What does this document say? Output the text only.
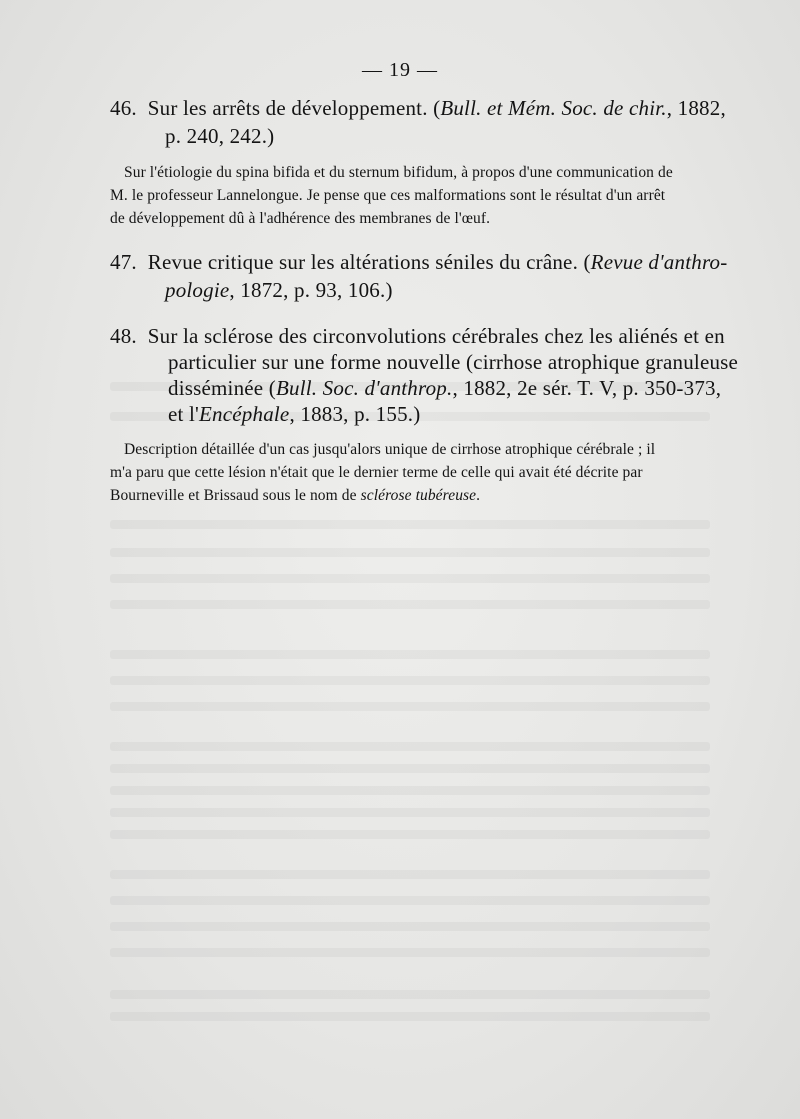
— 19 —
46. Sur les arrêts de développement. (Bull. et Mém. Soc. de chir., 1882,
p. 240, 242.)
Sur l'étiologie du spina bifida et du sternum bifidum, à propos d'une communication de
M. le professeur Lannelongue. Je pense que ces malformations sont le résultat d'un arrêt
de développement dû à l'adhérence des membranes de l'œuf.
47. Revue critique sur les altérations séniles du crâne. (Revue d'anthro-
pologie, 1872, p. 93, 106.)
48. Sur la sclérose des circonvolutions cérébrales chez les aliénés et en
particulier sur une forme nouvelle (cirrhose atrophique granuleuse
disséminée (Bull. Soc. d'anthrop., 1882, 2e sér. T. V, p. 350-373,
et l'Encéphale, 1883, p. 155.)
Description détaillée d'un cas jusqu'alors unique de cirrhose atrophique cérébrale ; il
m'a paru que cette lésion n'était que le dernier terme de celle qui avait été décrite par
Bourneville et Brissaud sous le nom de sclérose tubéreuse.
